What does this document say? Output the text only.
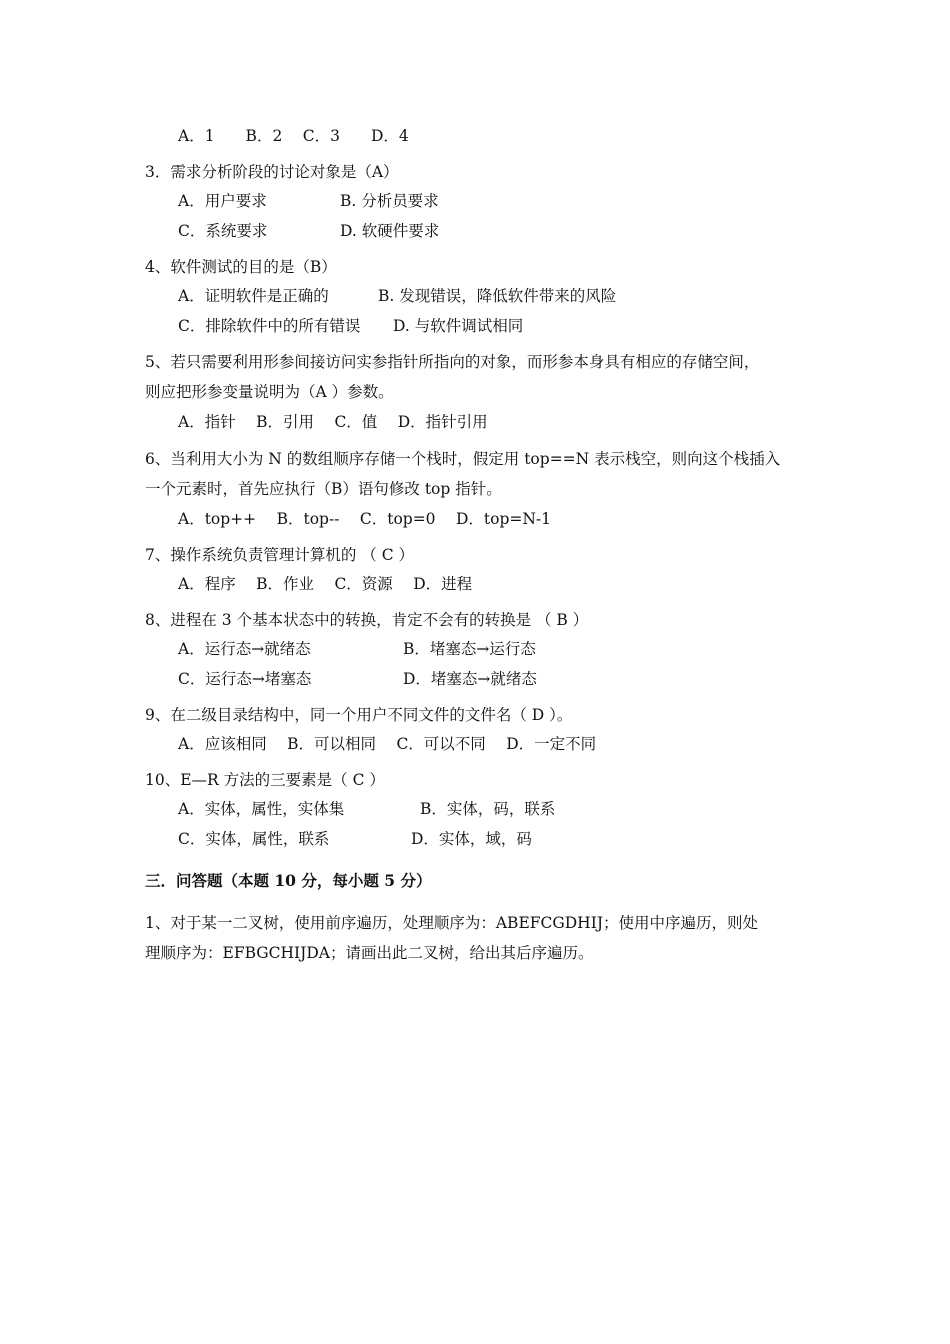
A．1　　B．2　 C．3　　D．4
3．需求分析阶段的讨论对象是（A）
A．用户要求	B. 分析员要求
C．系统要求	D. 软硬件要求
4、软件测试的目的是（B）
A．证明软件是正确的	B. 发现错误，降低软件带来的风险
C．排除软件中的所有错误 D. 与软件调试相同
5、若只需要利用形参间接访问实参指针所指向的对象，而形参本身具有相应的存储空间，
则应把形参变量说明为（A ）参数。
A．指针　 B．引用　 C．值　 D．指针引用
6、当利用大小为 N 的数组顺序存储一个栈时，假定用 top==N 表示栈空，则向这个栈插入
一个元素时，首先应执行（B）语句修改 top 指针。
A．top++　 B．top--　 C．top=0　 D．top=N-1
7、操作系统负责管理计算机的 （ C ）
A．程序　 B．作业　 C．资源　 D．进程
8、进程在 3 个基本状态中的转换，肯定不会有的转换是 （ B ）
A．运行态→就绪态	B．堵塞态→运行态
C．运行态→堵塞态	D．堵塞态→就绪态
9、在二级目录结构中，同一个用户不同文件的文件名（ D ）。
A．应该相同　 B．可以相同　 C．可以不同　 D．一定不同
10、E—R 方法的三要素是（ C ）
A．实体，属性，实体集	B．实体，码，联系
C．实体，属性，联系	D．实体，域，码
三．问答题（本题 10 分，每小题 5 分）
1、对于某一二叉树，使用前序遍历，处理顺序为：ABEFCGDHIJ；使用中序遍历，则处
理顺序为：EFBGCHIJDA；请画出此二叉树，给出其后序遍历。
